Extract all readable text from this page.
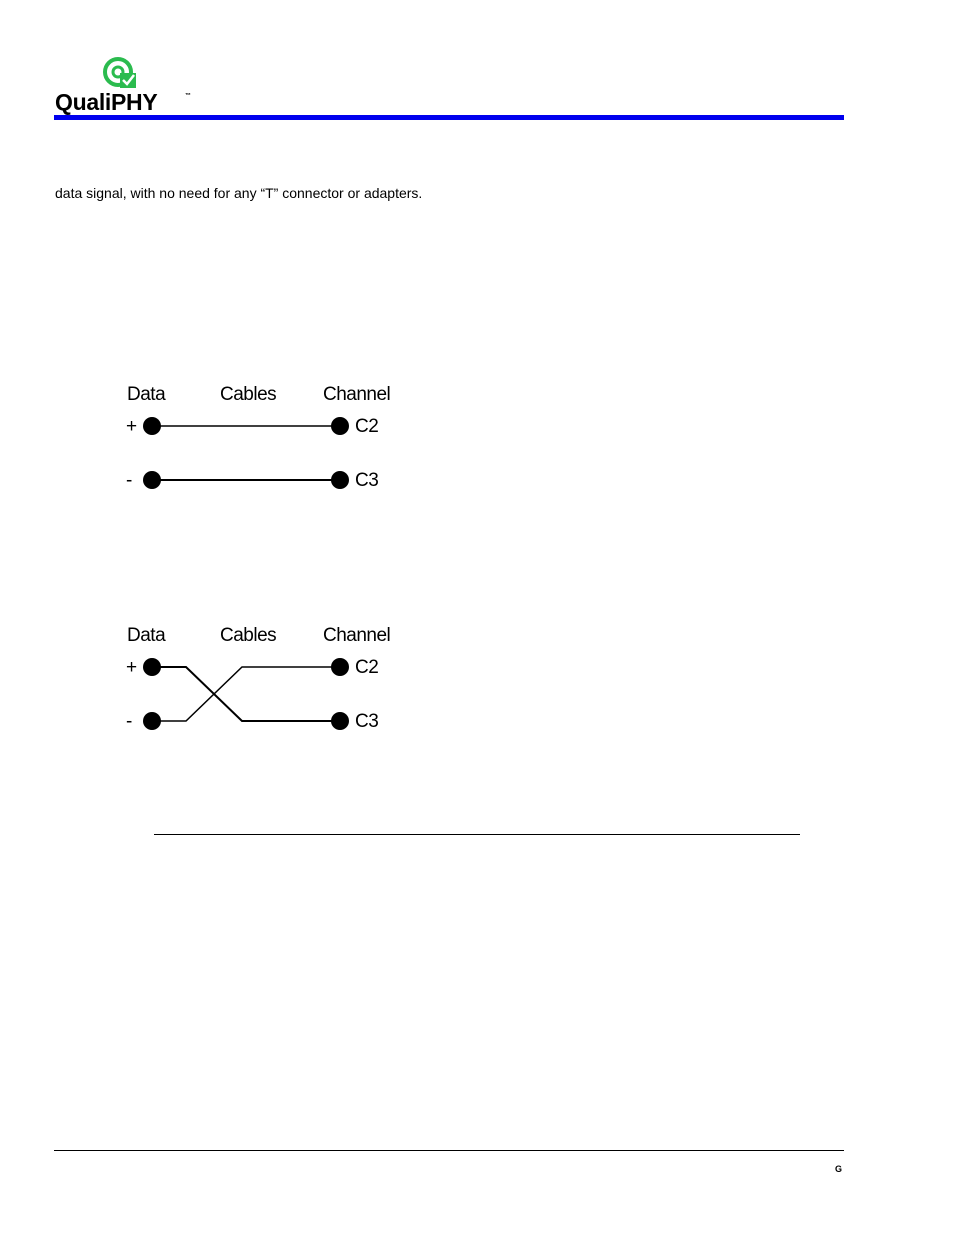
QualiPHY	™
data signal, with no need for any “T” connector or adapters.
Data	Cables Channel
+
-
C2
C3
Data	Cables Channel
+
-
C2
C3
G
